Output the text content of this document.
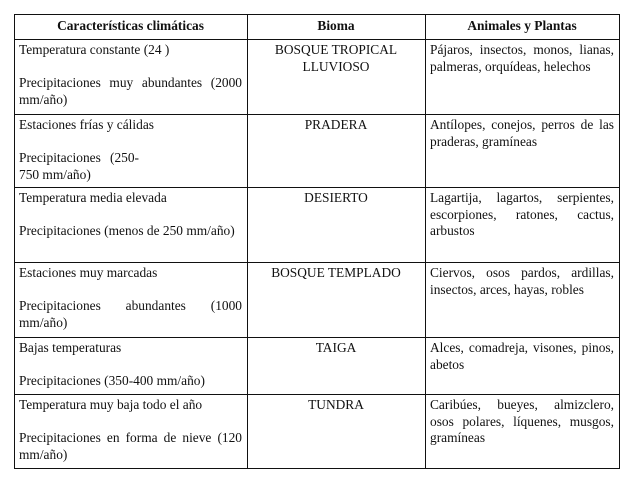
Características climáticas	Bioma	Animales y Plantas

Temperatura constante (24 )
Precipitaciones muy abundantes (2000 mm/año)	BOSQUE TROPICAL LLUVIOSO	Pájaros, insectos, monos, lianas, palmeras, orquídeas, helechos

Estaciones frías y cálidas
Precipitaciones (250-750 mm/año)	PRADERA	Antílopes, conejos, perros de las praderas, gramíneas

Temperatura media elevada
Precipitaciones (menos de 250 mm/año)	DESIERTO	Lagartija, lagartos, serpientes, escorpiones, ratones, cactus, arbustos

Estaciones muy marcadas
Precipitaciones abundantes (1000 mm/año)	BOSQUE TEMPLADO	Ciervos, osos pardos, ardillas, insectos, arces, hayas, robles

Bajas temperaturas
Precipitaciones (350-400 mm/año)	TAIGA	Alces, comadreja, visones, pinos, abetos

Temperatura muy baja todo el año
Precipitaciones en forma de nieve (120 mm/año)	TUNDRA	Caribúes, bueyes, almizclero, osos polares, líquenes, musgos, gramíneas
